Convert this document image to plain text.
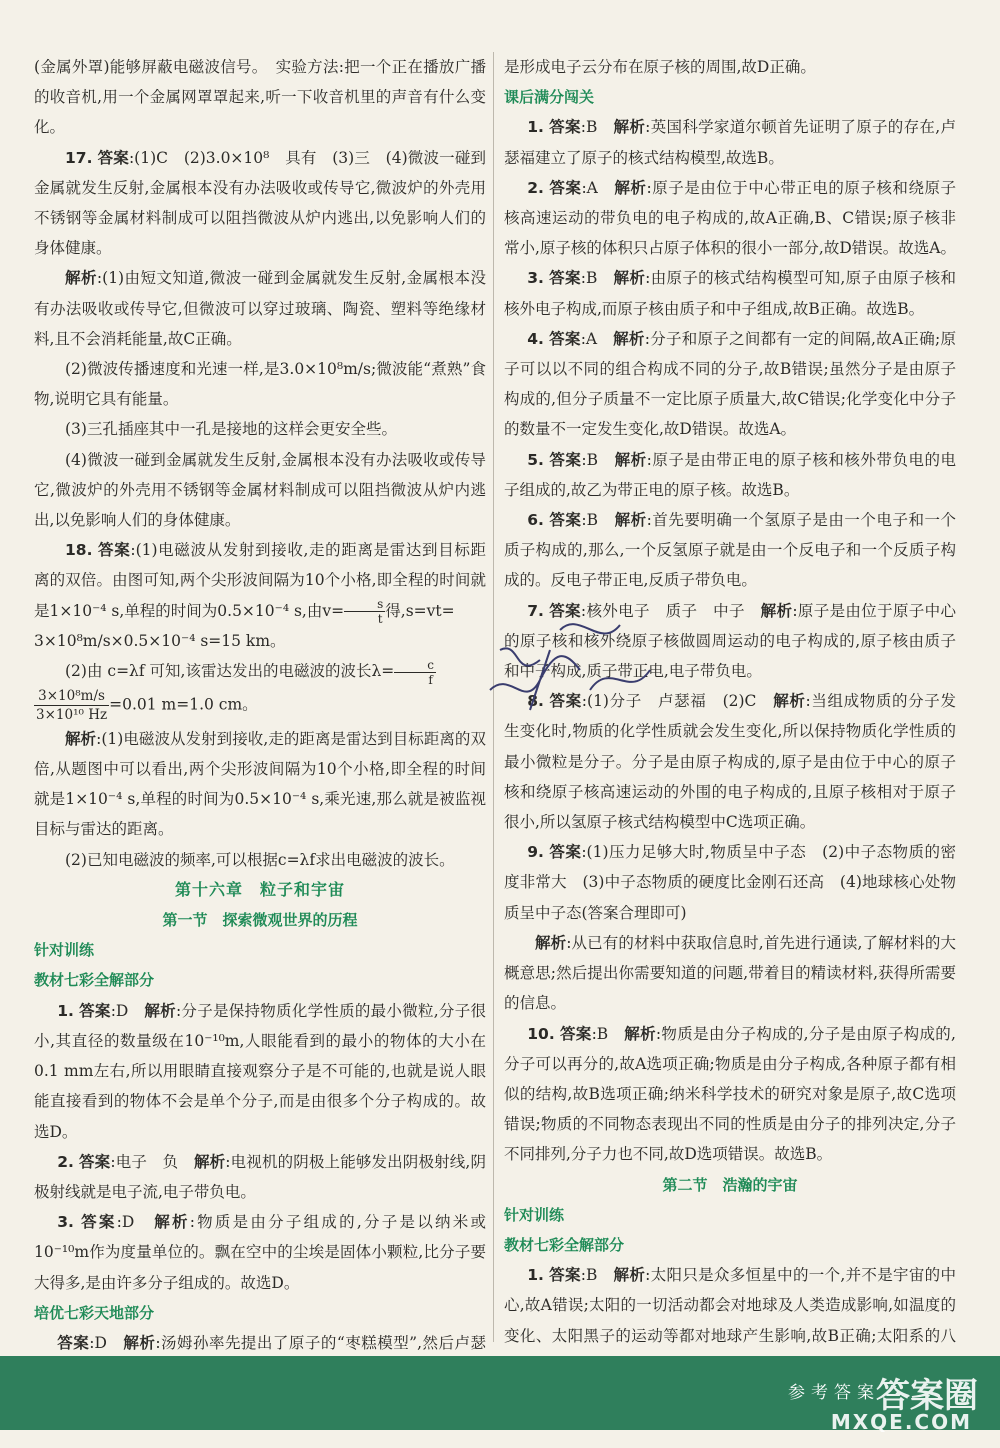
(金属外罩)能够屏蔽电磁波信号。　实验方法:把一个正在播放广播的收音机,用一个金属网罩罩起来,听一下收音机里的声音有什么变化。

17. 答案:(1)C　(2)3.0×10⁸　具有　(3)三　(4)微波一碰到金属就发生反射,金属根本没有办法吸收或传导它,微波炉的外壳用不锈钢等金属材料制成可以阻挡微波从炉内逃出,以免影响人们的身体健康。

解析:(1)由短文知道,微波一碰到金属就发生反射,金属根本没有办法吸收或传导它,但微波可以穿过玻璃、陶瓷、塑料等绝缘材料,且不会消耗能量,故C正确。

(2)微波传播速度和光速一样,是3.0×10⁸m/s;微波能“煮熟”食物,说明它具有能量。

(3)三孔插座其中一孔是接地的这样会更安全些。

(4)微波一碰到金属就发生反射,金属根本没有办法吸收或传导它,微波炉的外壳用不锈钢等金属材料制成可以阻挡微波从炉内逃出,以免影响人们的身体健康。

18. 答案:(1)电磁波从发射到接收,走的距离是雷达到目标距离的双倍。由图可知,两个尖形波间隔为10个小格,即全程的时间就是1×10⁻⁴ s,单程的时间为0.5×10⁻⁴ s,由$v= \frac{s}{t}$ 得,s=vt=

3×10⁸m/s×0.5×10⁻⁴ s=15 km。

(2)由 c=λf 可知,该雷达发出的电磁波的波长$\lambda= \frac{c}{f}$

$\frac{\text{3×10⁸m/s}}{\text{3×10¹⁰ Hz}} =0.01$ m=1.0 cm。

解析:(1)电磁波从发射到接收,走的距离是雷达到目标距离的双倍,从题图中可以看出,两个尖形波间隔为10个小格,即全程的时间就是1×10⁻⁴ s,单程的时间为0.5×10⁻⁴ s,乘光速,那么就是被监视目标与雷达的距离。

(2)已知电磁波的频率,可以根据c=λf求出电磁波的波长。

第十六章　粒子和宇宙

第一节　探索微观世界的历程

针对训练

教材七彩全解部分

1. 答案:D　 解析:分子是保持物质化学性质的最小微粒,分子很小,其直径的数量级在10⁻¹⁰m,人眼能看到的最小的物体的大小在0.1 mm左右,所以用眼睛直接观察分子是不可能的,也就是说人眼能直接看到的物体不会是单个分子,而是由很多个分子构成的。故选D。

2. 答案:电子　负　 解析:电视机的阴极上能够发出阴极射线,阴极射线就是电子流,电子带负电。

3. 答案:D　 解析:物质是由分子组成的,分子是以纳米或10⁻¹⁰m作为度量单位的。飘在空中的尘埃是固体小颗粒,比分子要大得多,是由许多分子组成的。故选D。

培优七彩天地部分

答案:D　 解析:汤姆孙率先提出了原子的“枣糕模型”,然后卢瑟

是形成电子云分布在原子核的周围,故D正确。

课后满分闯关

1. 答案:B　 解析:英国科学家道尔顿首先证明了原子的存在,卢瑟福建立了原子的核式结构模型,故选B。

2. 答案:A　 解析:原子是由位于中心带正电的原子核和绕原子核高速运动的带负电的电子构成的,故A正确,B、C错误;原子核非常小,原子核的体积只占原子体积的很小一部分,故D错误。故选A。

3. 答案:B　 解析:由原子的核式结构模型可知,原子由原子核和核外电子构成,而原子核由质子和中子组成,故B正确。故选B。

4. 答案:A　 解析:分子和原子之间都有一定的间隔,故A正确;原子可以以不同的组合构成不同的分子,故B错误;虽然分子是由原子构成的,但分子质量不一定比原子质量大,故C错误;化学变化中分子的数量不一定发生变化,故D错误。故选A。

5. 答案:B　 解析:原子是由带正电的原子核和核外带负电的电子组成的,故乙为带正电的原子核。故选B。

6. 答案:B　 解析:首先要明确一个氢原子是由一个电子和一个质子构成的,那么,一个反氢原子就是由一个反电子和一个反质子构成的。反电子带正电,反质子带负电。

7. 答案:核外电子　质子　中子　 解析:原子是由位于原子中心的原子核和核外绕原子核做圆周运动的电子构成的,原子核由质子和中子构成,质子带正电,电子带负电。

8. 答案:(1)分子　卢瑟福　(2)C　 解析:当组成物质的分子发生变化时,物质的化学性质就会发生变化,所以保持物质化学性质的最小微粒是分子。分子是由原子构成的,原子是由位于中心的原子核和绕原子核高速运动的外围的电子构成的,且原子核相对于原子很小,所以氢原子核式结构模型中C选项正确。

9. 答案:(1)压力足够大时,物质呈中子态　(2)中子态物质的密度非常大　(3)中子态物质的硬度比金刚石还高　(4)地球核心处物质呈中子态(答案合理即可)

解析:从已有的材料中获取信息时,首先进行通读,了解材料的大概意思;然后提出你需要知道的问题,带着目的精读材料,获得所需要的信息。

10. 答案:B　 解析:物质是由分子构成的,分子是由原子构成的,分子可以再分的,故A选项正确;物质是由分子构成,各种原子都有相似的结构,故B选项正确;纳米科学技术的研究对象是原子,故C选项错误;物质的不同物态表现出不同的性质是由分子的排列决定,分子不同排列,分子力也不同,故D选项错误。故选B。

第二节　浩瀚的宇宙

针对训练

教材七彩全解部分

1. 答案:B　 解析:太阳只是众多恒星中的一个,并不是宇宙的中心,故A错误;太阳的一切活动都会对地球及人类造成影响,如温度的变化、太阳黑子的运动等都对地球产生影响,故B正确;太阳系的八

参考答案
答案圈
MXQE.COM
